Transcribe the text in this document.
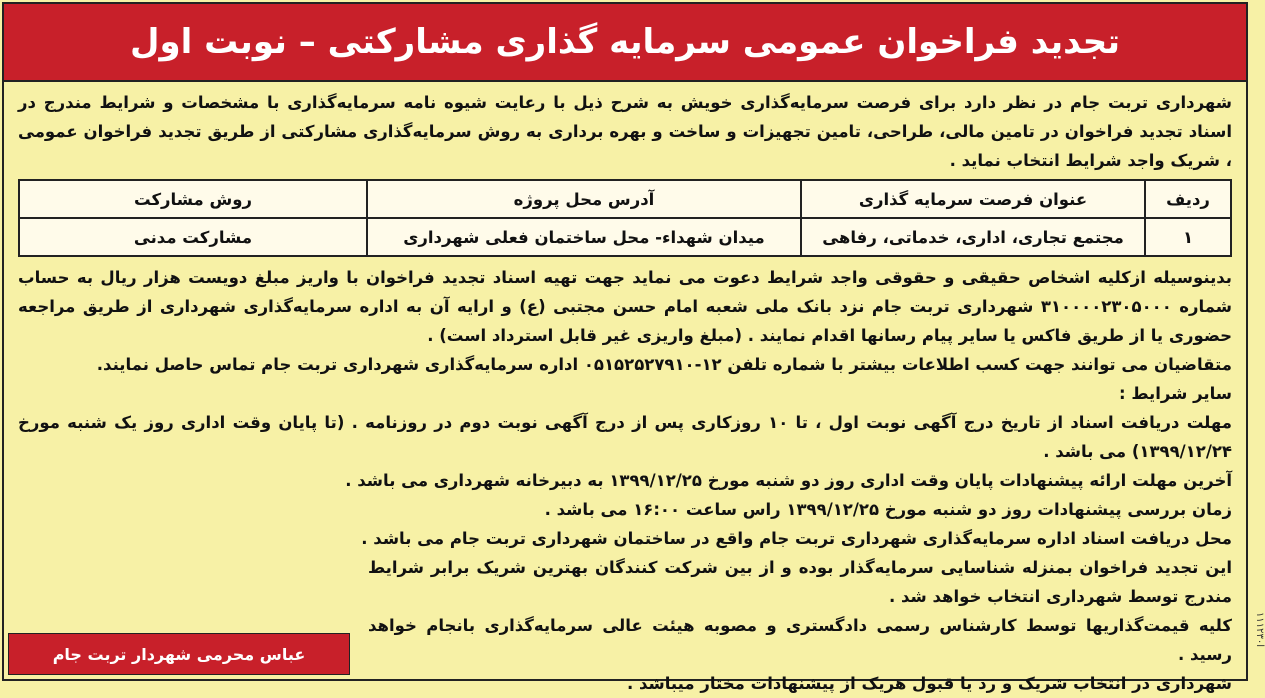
تجدید فراخوان عمومی سرمایه گذاری مشارکتی – نوبت اول

شهرداری تربت جام در نظر دارد برای فرصت سرمایه‌گذاری خویش به شرح ذیل با رعایت شیوه نامه سرمایه‌گذاری با مشخصات و شرایط مندرج در اسناد تجدید فراخوان در تامین مالی، طراحی، تامین تجهیزات و ساخت و بهره برداری به روش سرمایه‌گذاری مشارکتی از طریق تجدید فراخوان عمومی ، شریک واجد شرایط انتخاب نماید .

ردیف	عنوان فرصت سرمایه گذاری	آدرس محل پروژه	روش مشارکت
۱	مجتمع تجاری، اداری، خدماتی، رفاهی	میدان شهداء- محل ساختمان فعلی شهرداری	مشارکت مدنی

بدینوسیله ازکلیه اشخاص حقیقی و حقوقی واجد شرایط دعوت می نماید جهت تهیه اسناد تجدید فراخوان با واریز مبلغ دویست هزار ریال به حساب شماره ۳۱۰۰۰۰۲۳۰۵۰۰۰ شهرداری تربت جام نزد بانک ملی شعبه امام حسن مجتبی (ع) و ارایه آن به اداره سرمایه‌گذاری شهرداری از طریق مراجعه حضوری یا از طریق فاکس یا سایر پیام رسانها اقدام نمایند . (مبلغ واریزی غیر قابل استرداد است) .

متقاضیان می توانند جهت کسب اطلاعات بیشتر با شماره تلفن ۱۲-۰۵۱۵۲۵۲۷۹۱۰ اداره سرمایه‌گذاری شهرداری تربت جام تماس حاصل نمایند.

سایر شرایط :

مهلت دریافت اسناد از تاریخ درج آگهی نوبت اول ، تا ۱۰ روزکاری پس از درج آگهی نوبت دوم در روزنامه . (تا پایان وقت اداری روز یک شنبه مورخ ۱۳۹۹/۱۲/۲۴) می باشد .

آخرین مهلت ارائه پیشنهادات پایان وقت اداری روز دو شنبه مورخ ۱۳۹۹/۱۲/۲۵ به دبیرخانه شهرداری می باشد .

زمان بررسی پیشنهادات روز دو شنبه مورخ ۱۳۹۹/۱۲/۲۵ راس ساعت ۱۶:۰۰ می باشد .

محل دریافت اسناد اداره سرمایه‌گذاری شهرداری تربت جام واقع در ساختمان شهرداری تربت جام می باشد .

این تجدید فراخوان بمنزله شناسایی سرمایه‌گذار بوده و از بین شرکت کنندگان بهترین شریک برابر شرایط مندرج توسط شهرداری انتخاب خواهد شد .

کلیه قیمت‌گذاریها توسط کارشناس رسمی دادگستری و مصوبه هیئت عالی سرمایه‌گذاری بانجام خواهد رسید .

شهرداری در انتخاب شریک و رد یا قبول هریک از پیشنهادات مختار میباشد .

عباس محرمی شهردار تربت جام
ا۱۱۱۲۳۰
